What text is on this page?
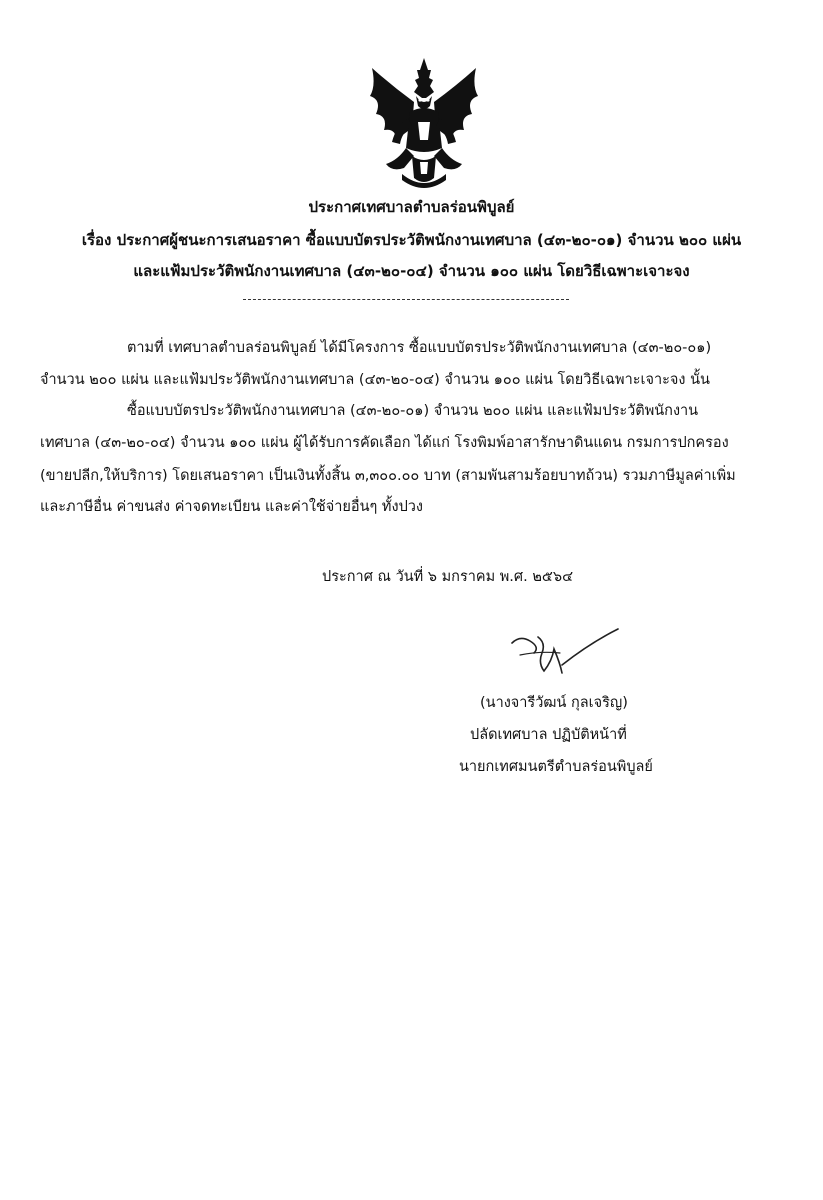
ประกาศเทศบาลตำบลร่อนพิบูลย์
เรื่อง ประกาศผู้ชนะการเสนอราคา ซื้อแบบบัตรประวัติพนักงานเทศบาล (๔๓-๒๐-๐๑) จำนวน ๒๐๐ แผ่น
และแฟ้มประวัติพนักงานเทศบาล (๔๓-๒๐-๐๔) จำนวน ๑๐๐ แผ่น โดยวิธีเฉพาะเจาะจง
ตามที่ เทศบาลตำบลร่อนพิบูลย์ ได้มีโครงการ ซื้อแบบบัตรประวัติพนักงานเทศบาล (๔๓-๒๐-๐๑)
จำนวน ๒๐๐ แผ่น และแฟ้มประวัติพนักงานเทศบาล (๔๓-๒๐-๐๔) จำนวน ๑๐๐ แผ่น โดยวิธีเฉพาะเจาะจง นั้น
ซื้อแบบบัตรประวัติพนักงานเทศบาล (๔๓-๒๐-๐๑) จำนวน ๒๐๐ แผ่น และแฟ้มประวัติพนักงาน
เทศบาล (๔๓-๒๐-๐๔) จำนวน ๑๐๐ แผ่น ผู้ได้รับการคัดเลือก ได้แก่ โรงพิมพ์อาสารักษาดินแดน กรมการปกครอง
(ขายปลีก,ให้บริการ) โดยเสนอราคา เป็นเงินทั้งสิ้น ๓,๓๐๐.๐๐ บาท (สามพันสามร้อยบาทถ้วน) รวมภาษีมูลค่าเพิ่ม
และภาษีอื่น ค่าขนส่ง ค่าจดทะเบียน และค่าใช้จ่ายอื่นๆ ทั้งปวง
ประกาศ ณ วันที่ ๖ มกราคม พ.ศ. ๒๕๖๔
(นางจารีวัฒน์ กุลเจริญ)
ปลัดเทศบาล ปฏิบัติหน้าที่
นายกเทศมนตรีตำบลร่อนพิบูลย์
